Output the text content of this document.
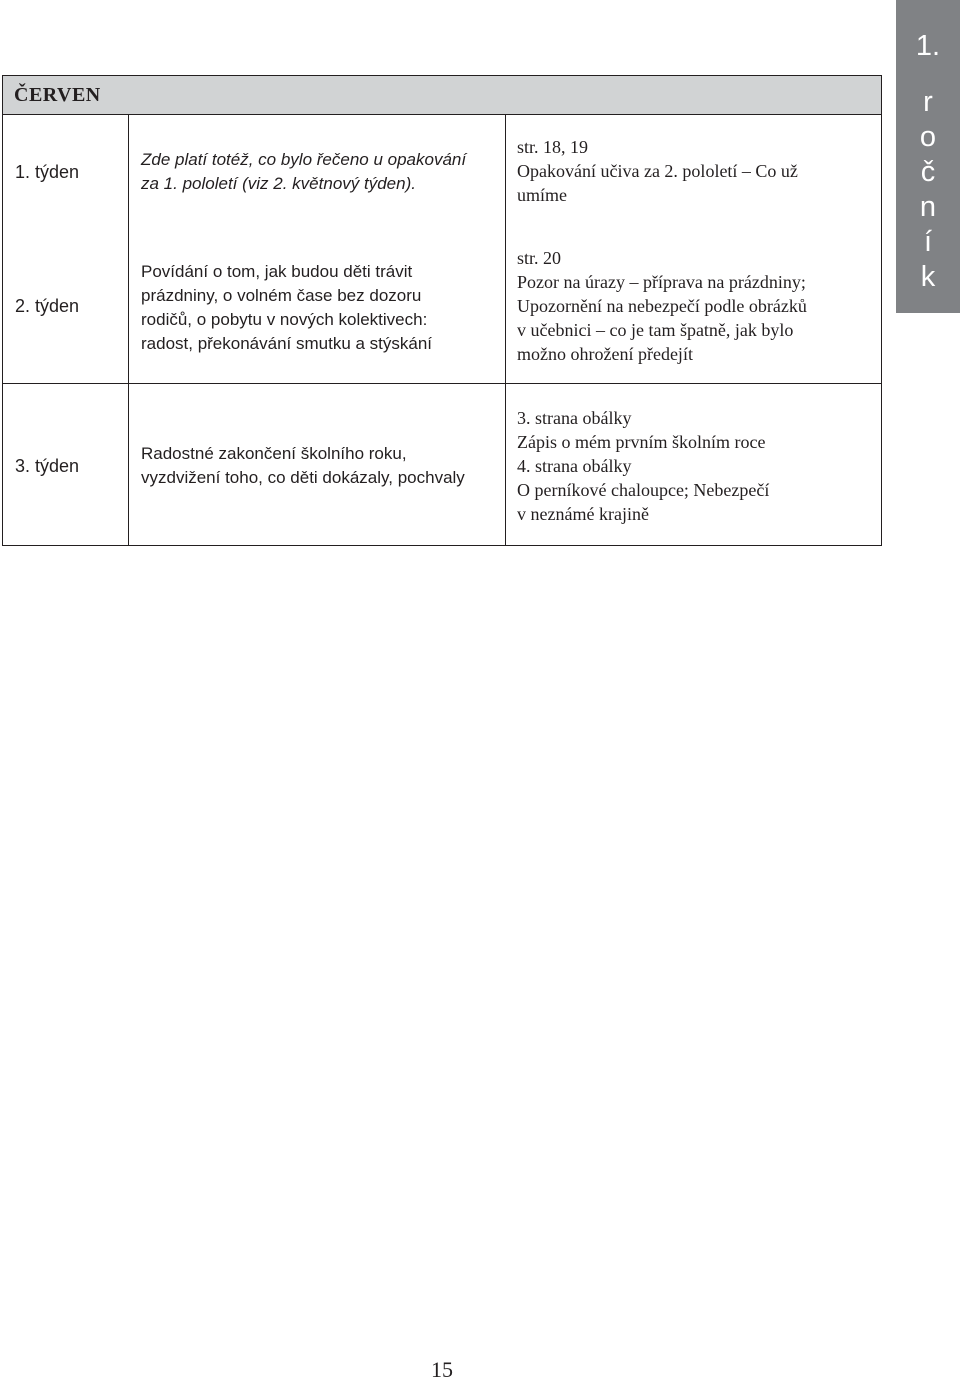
1.
r
o
č
n
í
k
ČERVEN
1. týden
Zde platí totéž, co bylo řečeno u opakování
za 1. pololetí (viz 2. květnový týden).
str. 18, 19
Opakování učiva za 2. pololetí – Co už
umíme
2. týden
Povídání o tom, jak budou děti trávit
prázdniny, o volném čase bez dozoru
rodičů, o pobytu v nových kolektivech:
radost, překonávání smutku a stýskání
str. 20
Pozor na úrazy – příprava na prázdniny;
Upozornění na nebezpečí podle obrázků
v učebnici – co je tam špatně, jak bylo
možno ohrožení předejít
3. týden
Radostné zakončení školního roku,
vyzdvižení toho, co děti dokázaly, pochvaly
3. strana obálky
Zápis o mém prvním školním roce
4. strana obálky
O perníkové chaloupce; Nebezpečí
v neznámé krajině
15
